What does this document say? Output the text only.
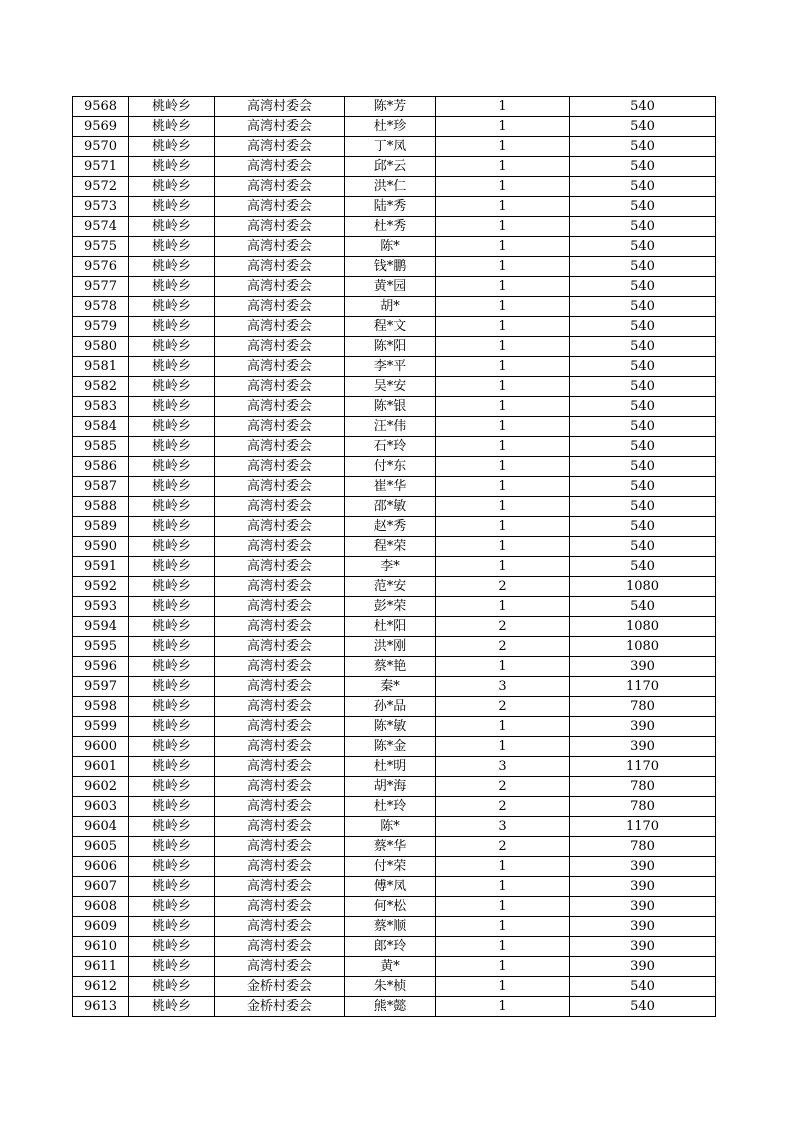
9568	桃岭乡	高湾村委会	陈*芳	1	540
9569	桃岭乡	高湾村委会	杜*珍	1	540
9570	桃岭乡	高湾村委会	丁*凤	1	540
9571	桃岭乡	高湾村委会	邱*云	1	540
9572	桃岭乡	高湾村委会	洪*仁	1	540
9573	桃岭乡	高湾村委会	陆*秀	1	540
9574	桃岭乡	高湾村委会	杜*秀	1	540
9575	桃岭乡	高湾村委会	陈*	1	540
9576	桃岭乡	高湾村委会	钱*鹏	1	540
9577	桃岭乡	高湾村委会	黄*园	1	540
9578	桃岭乡	高湾村委会	胡*	1	540
9579	桃岭乡	高湾村委会	程*文	1	540
9580	桃岭乡	高湾村委会	陈*阳	1	540
9581	桃岭乡	高湾村委会	李*平	1	540
9582	桃岭乡	高湾村委会	吴*安	1	540
9583	桃岭乡	高湾村委会	陈*银	1	540
9584	桃岭乡	高湾村委会	汪*伟	1	540
9585	桃岭乡	高湾村委会	石*玲	1	540
9586	桃岭乡	高湾村委会	付*东	1	540
9587	桃岭乡	高湾村委会	崔*华	1	540
9588	桃岭乡	高湾村委会	邵*敏	1	540
9589	桃岭乡	高湾村委会	赵*秀	1	540
9590	桃岭乡	高湾村委会	程*荣	1	540
9591	桃岭乡	高湾村委会	李*	1	540
9592	桃岭乡	高湾村委会	范*安	2	1080
9593	桃岭乡	高湾村委会	彭*荣	1	540
9594	桃岭乡	高湾村委会	杜*阳	2	1080
9595	桃岭乡	高湾村委会	洪*刚	2	1080
9596	桃岭乡	高湾村委会	蔡*艳	1	390
9597	桃岭乡	高湾村委会	秦*	3	1170
9598	桃岭乡	高湾村委会	孙*品	2	780
9599	桃岭乡	高湾村委会	陈*敏	1	390
9600	桃岭乡	高湾村委会	陈*金	1	390
9601	桃岭乡	高湾村委会	杜*明	3	1170
9602	桃岭乡	高湾村委会	胡*海	2	780
9603	桃岭乡	高湾村委会	杜*玲	2	780
9604	桃岭乡	高湾村委会	陈*	3	1170
9605	桃岭乡	高湾村委会	蔡*华	2	780
9606	桃岭乡	高湾村委会	付*荣	1	390
9607	桃岭乡	高湾村委会	傅*凤	1	390
9608	桃岭乡	高湾村委会	何*松	1	390
9609	桃岭乡	高湾村委会	蔡*顺	1	390
9610	桃岭乡	高湾村委会	郎*玲	1	390
9611	桃岭乡	高湾村委会	黄*	1	390
9612	桃岭乡	金桥村委会	朱*桢	1	540
9613	桃岭乡	金桥村委会	熊*懿	1	540
